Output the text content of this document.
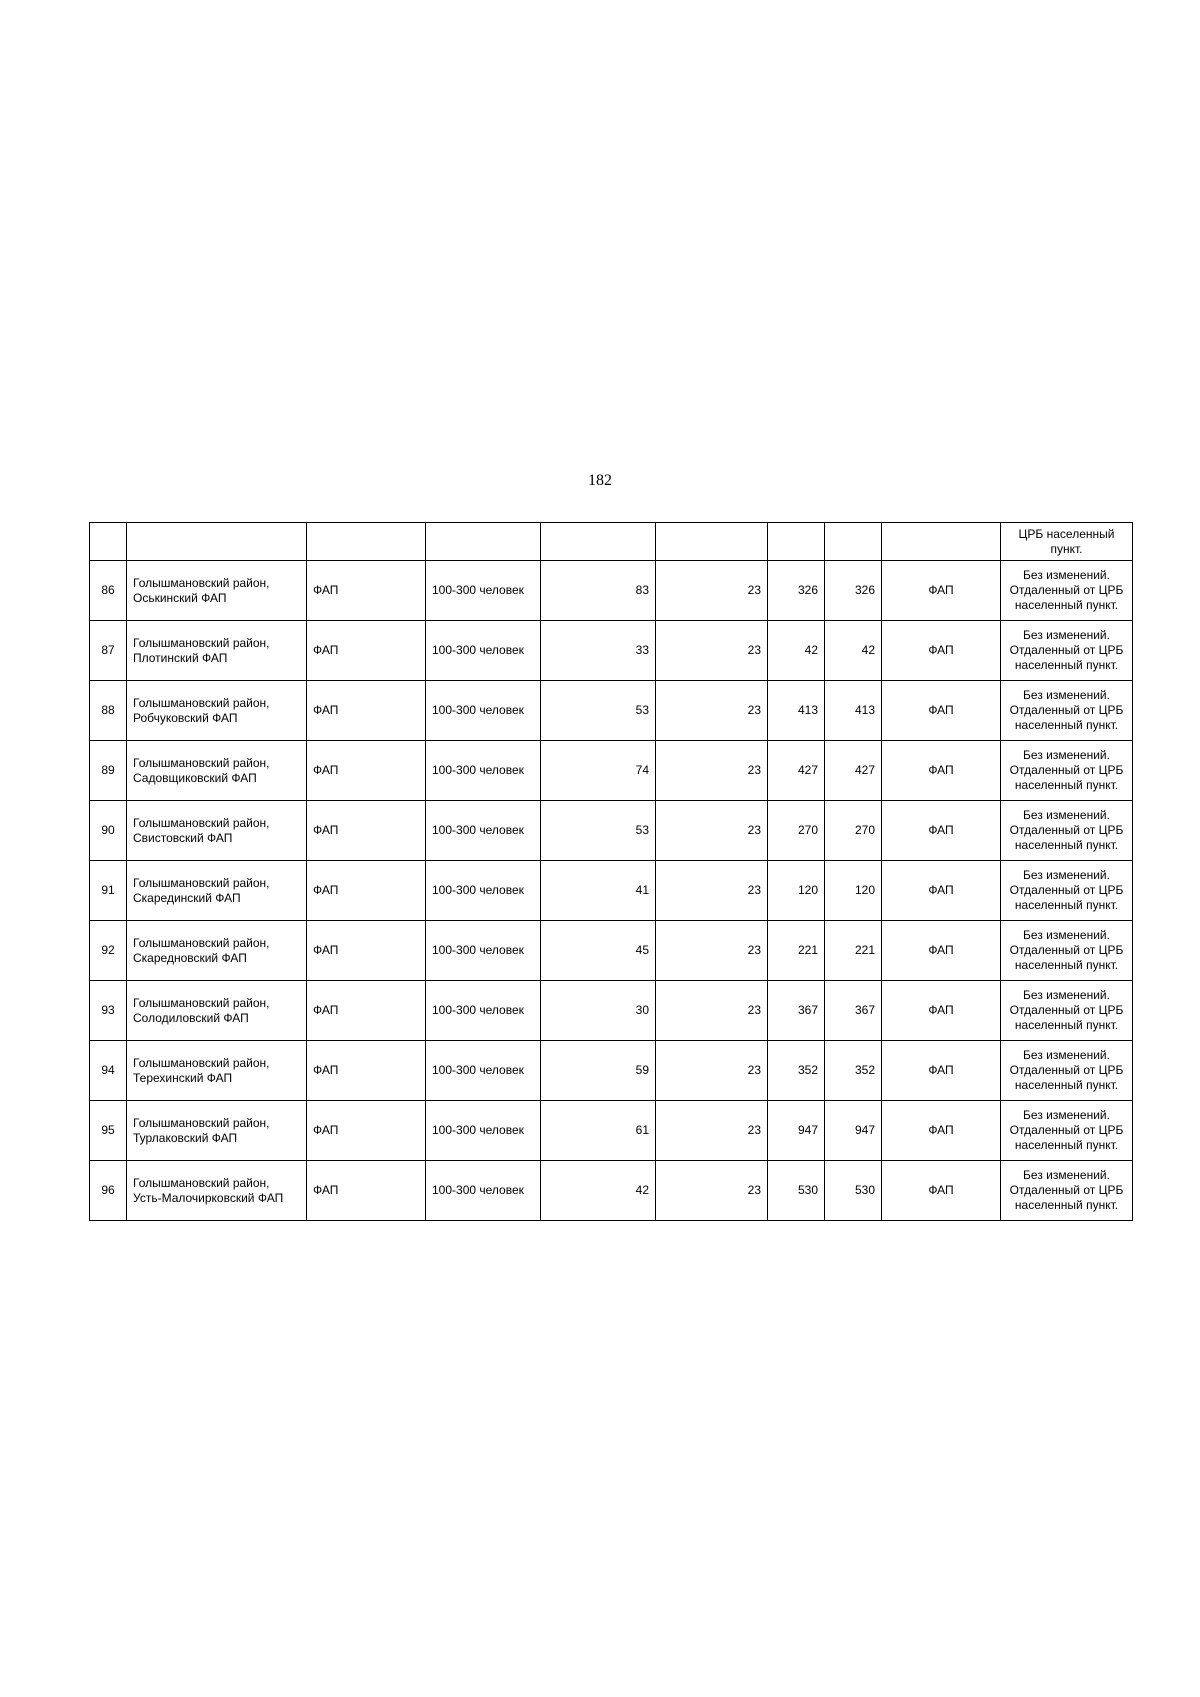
182
									ЦРБ населенный пункт.
86	Голышмановский район, Оськинский ФАП	ФАП	100-300 человек	83	23	326	326	ФАП	Без изменений. Отдаленный от ЦРБ населенный пункт.
87	Голышмановский район, Плотинский ФАП	ФАП	100-300 человек	33	23	42	42	ФАП	Без изменений. Отдаленный от ЦРБ населенный пункт.
88	Голышмановский район, Робчуковский ФАП	ФАП	100-300 человек	53	23	413	413	ФАП	Без изменений. Отдаленный от ЦРБ населенный пункт.
89	Голышмановский район, Садовщиковский ФАП	ФАП	100-300 человек	74	23	427	427	ФАП	Без изменений. Отдаленный от ЦРБ населенный пункт.
90	Голышмановский район, Свистовский ФАП	ФАП	100-300 человек	53	23	270	270	ФАП	Без изменений. Отдаленный от ЦРБ населенный пункт.
91	Голышмановский район, Скарединский ФАП	ФАП	100-300 человек	41	23	120	120	ФАП	Без изменений. Отдаленный от ЦРБ населенный пункт.
92	Голышмановский район, Скаредновский ФАП	ФАП	100-300 человек	45	23	221	221	ФАП	Без изменений. Отдаленный от ЦРБ населенный пункт.
93	Голышмановский район, Солодиловский ФАП	ФАП	100-300 человек	30	23	367	367	ФАП	Без изменений. Отдаленный от ЦРБ населенный пункт.
94	Голышмановский район, Терехинский ФАП	ФАП	100-300 человек	59	23	352	352	ФАП	Без изменений. Отдаленный от ЦРБ населенный пункт.
95	Голышмановский район, Турлаковский ФАП	ФАП	100-300 человек	61	23	947	947	ФАП	Без изменений. Отдаленный от ЦРБ населенный пункт.
96	Голышмановский район, Усть-Малочирковский ФАП	ФАП	100-300 человек	42	23	530	530	ФАП	Без изменений. Отдаленный от ЦРБ населенный пункт.
